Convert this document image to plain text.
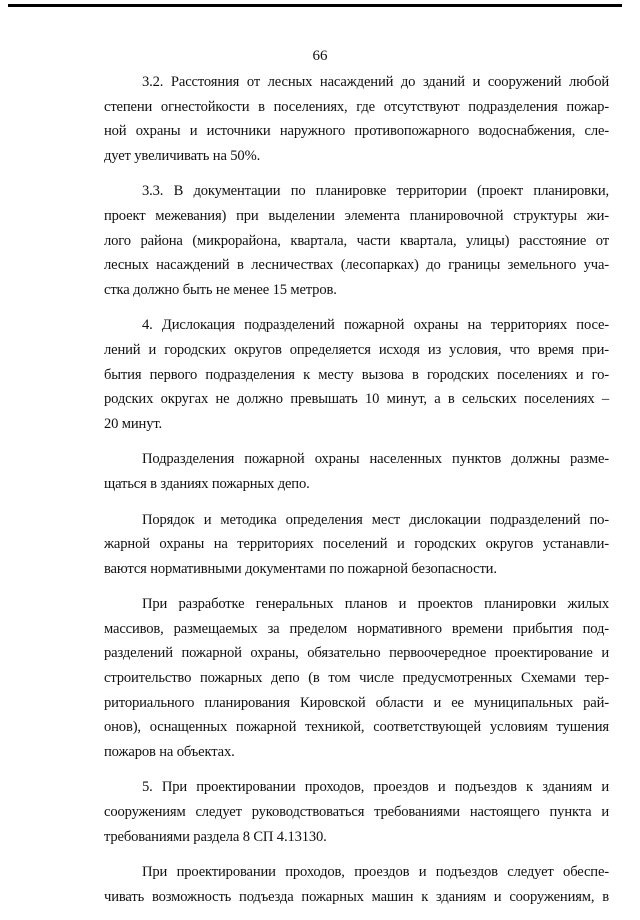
66
3.2. Расстояния от лесных насаждений до зданий и сооружений любой
степени огнестойкости в поселениях, где отсутствуют подразделения пожар-
ной охраны и источники наружного противопожарного водоснабжения, сле-
дует увеличивать на 50%.
3.3. В документации по планировке территории (проект планировки,
проект межевания) при выделении элемента планировочной структуры жи-
лого района (микрорайона, квартала, части квартала, улицы) расстояние от
лесных насаждений в лесничествах (лесопарках) до границы земельного уча-
стка должно быть не менее 15 метров.
4. Дислокация подразделений пожарной охраны на территориях посе-
лений и городских округов определяется исходя из условия, что время при-
бытия первого подразделения к месту вызова в городских поселениях и го-
родских округах не должно превышать 10 минут, а в сельских поселениях –
20 минут.
Подразделения пожарной охраны населенных пунктов должны разме-
щаться в зданиях пожарных депо.
Порядок и методика определения мест дислокации подразделений по-
жарной охраны на территориях поселений и городских округов устанавли-
ваются нормативными документами по пожарной безопасности.
При разработке генеральных планов и проектов планировки жилых
массивов, размещаемых за пределом нормативного времени прибытия под-
разделений пожарной охраны, обязательно первоочередное проектирование и
строительство пожарных депо (в том числе предусмотренных Схемами тер-
риториального планирования Кировской области и ее муниципальных рай-
онов), оснащенных пожарной техникой, соответствующей условиям тушения
пожаров на объектах.
5. При проектировании проходов, проездов и подъездов к зданиям и
сооружениям следует руководствоваться требованиями настоящего пункта и
требованиями раздела 8 СП 4.13130.
При проектировании проходов, проездов и подъездов следует обеспе-
чивать возможность подъезда пожарных машин к зданиям и сооружениям, в
